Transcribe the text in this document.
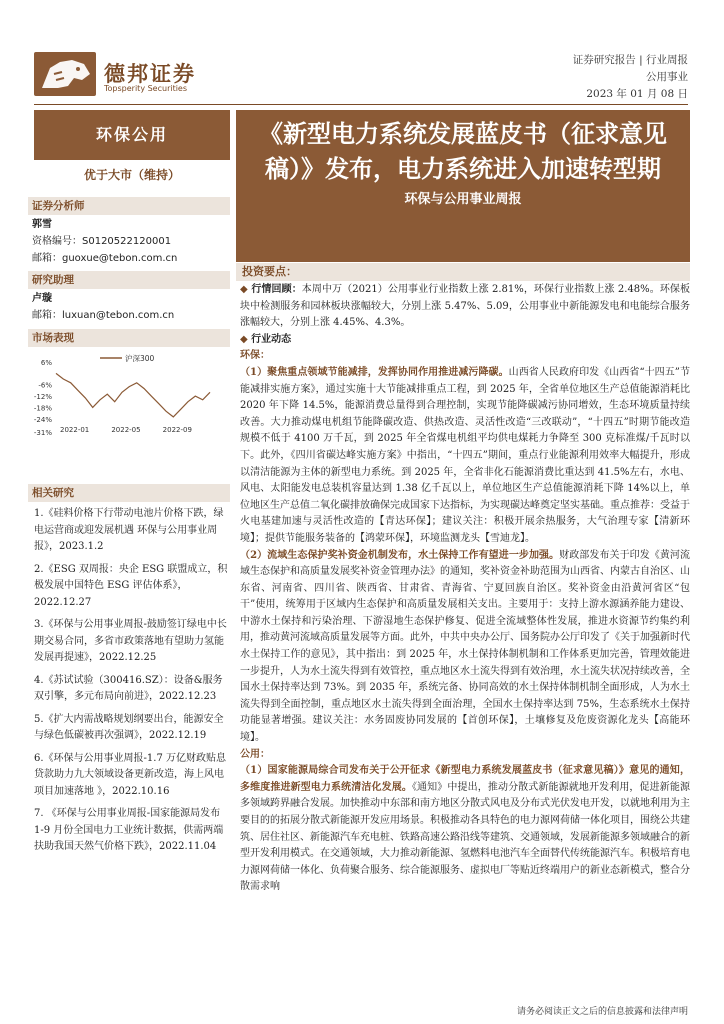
德邦证券
Topsperity Securities
证券研究报告 | 行业周报
公用事业
2023 年 01 月 08 日
环保公用
优于大市（维持）
证券分析师
郭雪
资格编号：S0120522120001
邮箱：guoxue@tebon.com.cn
研究助理
卢璇
邮箱：luxuan@tebon.com.cn
市场表现
6%
-6%
-12%
-18%
-24%
-31% 2022-01	2022-05	2022-09
沪深300
相关研究
1.《硅料价格下行带动电池片价格下跌，绿电运营商或迎发展机遇 环保与公用事业周报》，2023.1.2
2.《ESG 双周报：央企 ESG 联盟成立，积极发展中国特色 ESG 评估体系》，2022.12.27
3.《环保与公用事业周报-鼓励签订绿电中长期交易合同，多省市政策落地有望助力氢能发展再提速》，2022.12.25
4.《苏试试验（300416.SZ）：设备&服务双引擎，多元布局向前进》，2022.12.23
5.《扩大内需战略规划纲要出台，能源安全与绿色低碳被再次强调》，2022.12.19
6.《环保与公用事业周报-1.7 万亿财政贴息贷款助力九大领域设备更新改造，海上风电项目加速落地 》，2022.10.16
7. 《环保与公用事业周报-国家能源局发布 1-9 月份全国电力工业统计数据，供需两端扶助我国天然气价格下跌》，2022.11.04
《新型电力系统发展蓝皮书（征求意见稿）》发布，电力系统进入加速转型期
环保与公用事业周报
投资要点：

◆ 行情回顾：本周中万（2021）公用事业行业指数上涨 2.81%，环保行业指数上涨 2.48%。环保板块中检测服务和园林板块涨幅较大，分别上涨 5.47%、5.09，公用事业中新能源发电和电能综合服务涨幅较大，分别上涨 4.45%、4.3%。

◆ 行业动态

环保：

（1）聚焦重点领域节能减排，发挥协同作用推进减污降碳。山西省人民政府印发《山西省“十四五”节能减排实施方案》，通过实施十大节能减排重点工程，到 2025 年，全省单位地区生产总值能源消耗比 2020 年下降 14.5%，能源消费总量得到合理控制，实现节能降碳减污协同增效，生态环境质量持续改善。大力推动煤电机组节能降碳改造、供热改造、灵活性改造“三改联动”，“十四五”时期节能改造规模不低于 4100 万千瓦，到 2025 年全省煤电机组平均供电煤耗力争降至 300 克标准煤/千瓦时以下。此外，《四川省碳达峰实施方案》中指出，“十四五”期间，重点行业能源利用效率大幅提升，形成以清洁能源为主体的新型电力系统。到 2025 年，全省非化石能源消费比重达到 41.5%左右，水电、风电、太阳能发电总装机容量达到 1.38 亿千瓦以上，单位地区生产总值能源消耗下降 14%以上，单位地区生产总值二氧化碳排放确保完成国家下达指标，为实现碳达峰奠定坚实基础。重点推荐：受益于火电基建加速与灵活性改造的【青达环保】；建议关注：积极开展余热服务，大气治理专家【清新环境】；提供节能服务装备的【鸿蒙环保】，环境监测龙头【雪迪龙】。

（2）流域生态保护奖补资金机制发布，水土保持工作有望进一步加强。财政部发布关于印发《黄河流域生态保护和高质量发展奖补资金管理办法》的通知，奖补资金补助范围为山西省、内蒙古自治区、山东省、河南省、四川省、陕西省、甘肃省、青海省、宁夏回族自治区。奖补资金由沿黄河省区“包干”使用，统筹用于区域内生态保护和高质量发展相关支出。主要用于：支持上游水源涵养能力建设、中游水土保持和污染治理、下游湿地生态保护修复、促进全流域整体性发展，推进水资源节约集约利用，推动黄河流域高质量发展等方面。此外，中共中央办公厅、国务院办公厅印发了《关于加强新时代水土保持工作的意见》，其中指出：到 2025 年，水土保持体制机制和工作体系更加完善，管理效能进一步提升，人为水土流失得到有效管控，重点地区水土流失得到有效治理，水土流失状况持续改善，全国水土保持率达到 73%。到 2035 年，系统完备、协同高效的水土保持体制机制全面形成，人为水土流失得到全面控制，重点地区水土流失得到全面治理，全国水土保持率达到 75%，生态系统水土保持功能显著增强。建议关注：水务固废协同发展的【首创环保】，土壤修复及危废资源化龙头【高能环境】。

公用：

（1）国家能源局综合司发布关于公开征求《新型电力系统发展蓝皮书（征求意见稿）》意见的通知，多维度推进新型电力系统清洁化发展。《通知》中提出，推动分散式新能源就地开发利用，促进新能源多领域跨界融合发展。加快推动中东部和南方地区分散式风电及分布式光伏发电开发，以就地利用为主要目的的拓展分散式新能源开发应用场景。积极推动各具特色的电力源网荷储一体化项目，围绕公共建筑、居住社区、新能源汽车充电桩、铁路高速公路沿线等建筑、交通领域，发展新能源多领域融合的新型开发利用模式。在交通领域，大力推动新能源、氢燃料电池汽车全面替代传统能源汽车。积极培育电力源网荷储一体化、负荷聚合服务、综合能源服务、虚拟电厂等贴近终端用户的新业态新模式，整合分散需求响

请务必阅读正文之后的信息披露和法律声明
